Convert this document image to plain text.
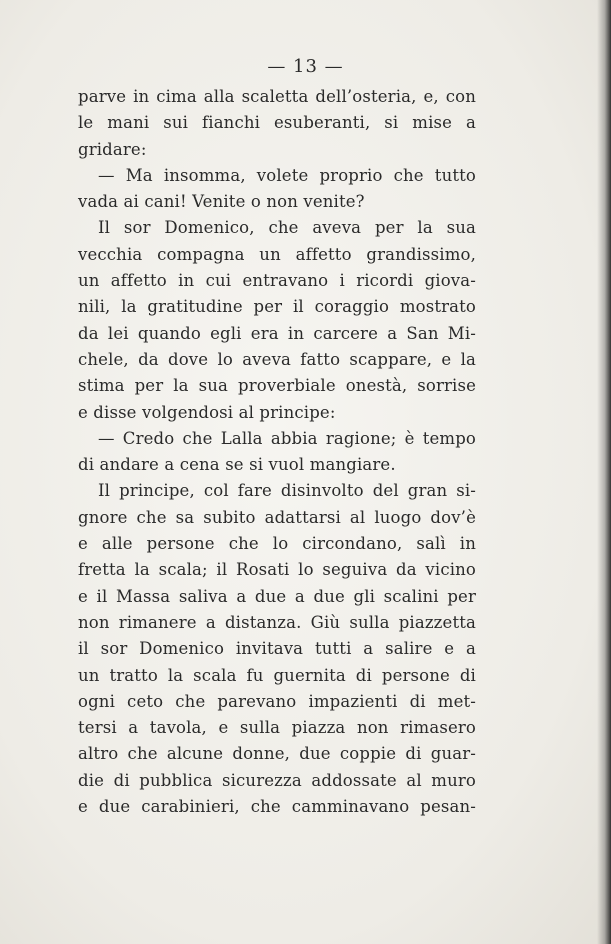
— 13 —
parve in cima alla scaletta dell’osteria, e, con
le mani sui fianchi esuberanti, si mise a
gridare:
— Ma insomma, volete proprio che tutto
vada ai cani! Venite o non venite?
Il sor Domenico, che aveva per la sua
vecchia compagna un affetto grandissimo,
un affetto in cui entravano i ricordi giova-
nili, la gratitudine per il coraggio mostrato
da lei quando egli era in carcere a San Mi-
chele, da dove lo aveva fatto scappare, e la
stima per la sua proverbiale onestà, sorrise
e disse volgendosi al principe:
— Credo che Lalla abbia ragione; è tempo
di andare a cena se si vuol mangiare.
Il principe, col fare disinvolto del gran si-
gnore che sa subito adattarsi al luogo dov’è
e alle persone che lo circondano, salì in
fretta la scala; il Rosati lo seguiva da vicino
e il Massa saliva a due a due gli scalini per
non rimanere a distanza. Giù sulla piazzetta
il sor Domenico invitava tutti a salire e a
un tratto la scala fu guernita di persone di
ogni ceto che parevano impazienti di met-
tersi a tavola, e sulla piazza non rimasero
altro che alcune donne, due coppie di guar-
die di pubblica sicurezza addossate al muro
e due carabinieri, che camminavano pesan-
